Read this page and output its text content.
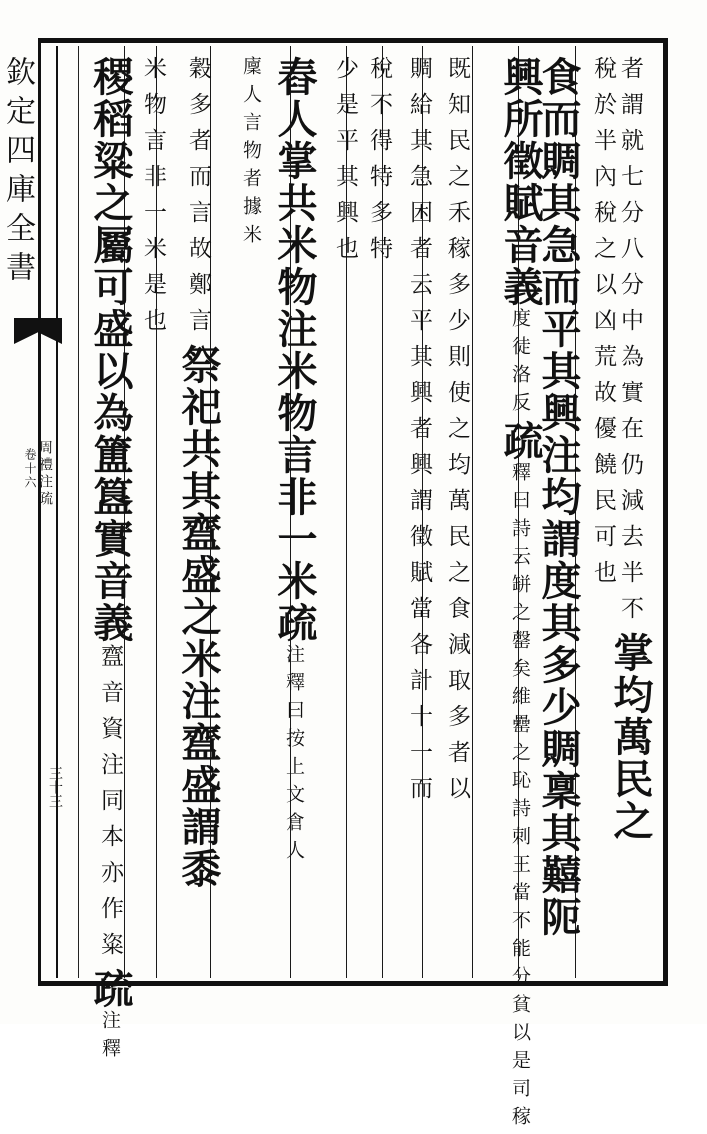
欽定四庫全書
周禮注疏
卷十六
三十三
者謂就七分八分中為實在仍減去半不掌均萬民之
稅於半內稅之以凶荒故優饒民可也
食而賙其急而平其興注均謂度其多少賙稟其囏阨
興所徵賦音義度徒洛反疏釋曰詩云缾之罄矣維罍之恥詩刺王當不能分貧以是司稼
既知民之禾稼多少則使之均萬民之食減取多者以
賙給其急困者云平其興者興謂徵賦當各計十一而
稅不得特多特
少是平其興也
舂人掌共米物注米物言非一米疏注釋曰按上文倉人
廩人言物者據米
穀多者而言故鄭言祭祀共其齍盛之米注齍盛謂黍
米物言非一米是也
稷稻粱之屬可盛以為簠簋實音義齍音資注同本亦作粢疏注釋
